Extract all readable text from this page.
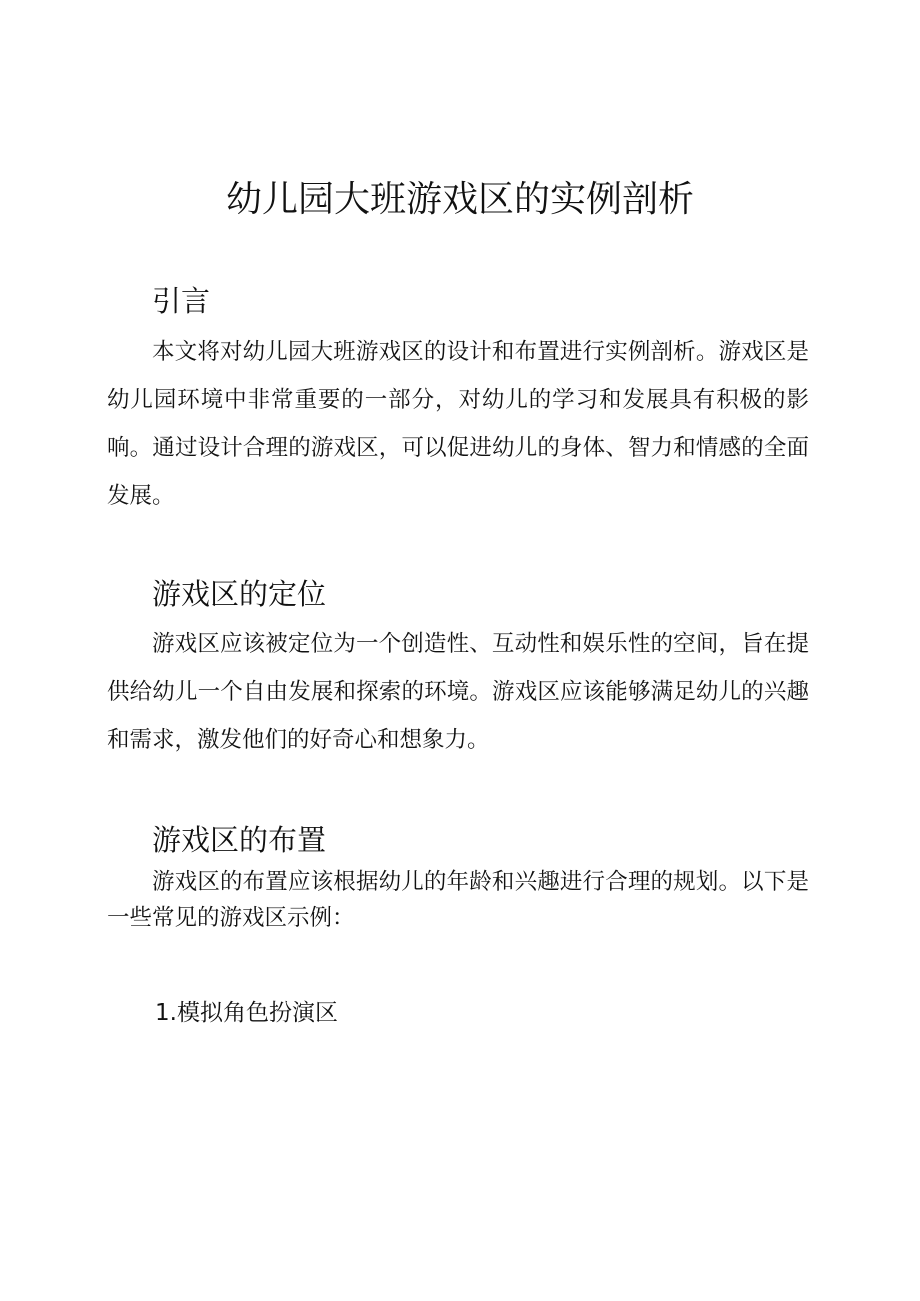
幼儿园大班游戏区的实例剖析
引言

本文将对幼儿园大班游戏区的设计和布置进行实例剖析。游戏区是幼儿园环境中非常重要的一部分，对幼儿的学习和发展具有积极的影响。通过设计合理的游戏区，可以促进幼儿的身体、智力和情感的全面发展。

游戏区的定位

游戏区应该被定位为一个创造性、互动性和娱乐性的空间，旨在提供给幼儿一个自由发展和探索的环境。游戏区应该能够满足幼儿的兴趣和需求，激发他们的好奇心和想象力。

游戏区的布置

游戏区的布置应该根据幼儿的年龄和兴趣进行合理的规划。以下是一些常见的游戏区示例：

1.模拟角色扮演区
